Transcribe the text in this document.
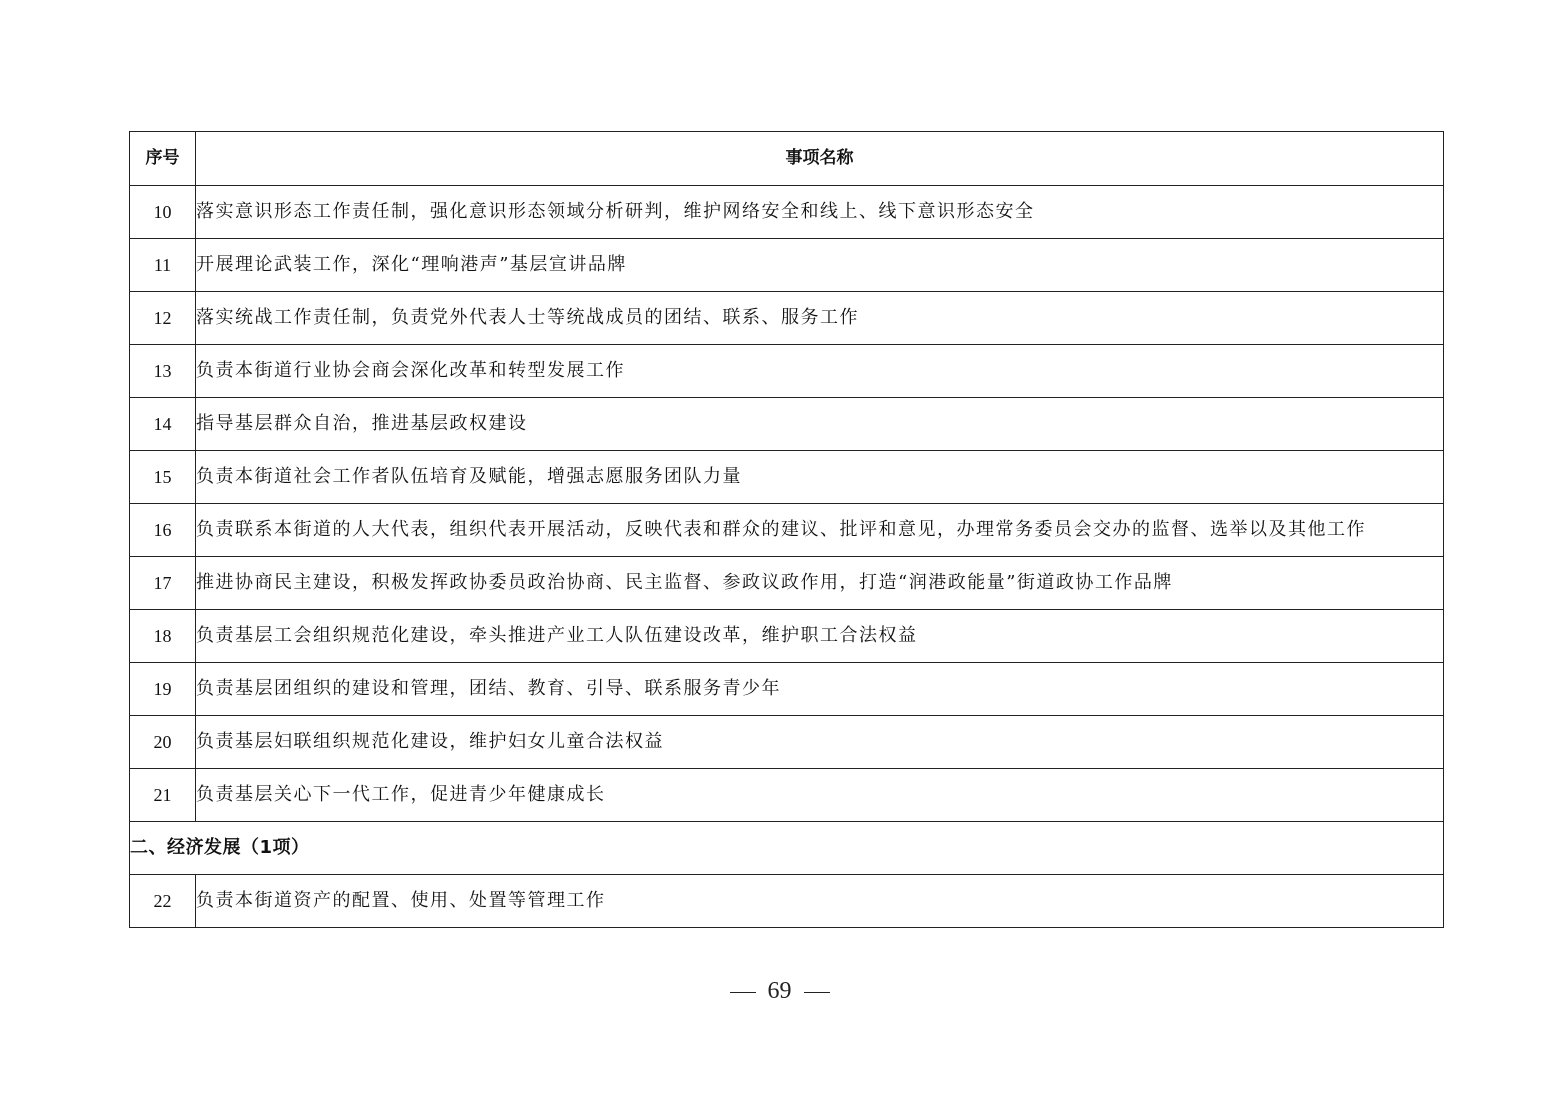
序号	事项名称
10	落实意识形态工作责任制，强化意识形态领域分析研判，维护网络安全和线上、线下意识形态安全
11	开展理论武装工作，深化“理响港声”基层宣讲品牌
12	落实统战工作责任制，负责党外代表人士等统战成员的团结、联系、服务工作
13	负责本街道行业协会商会深化改革和转型发展工作
14	指导基层群众自治，推进基层政权建设
15	负责本街道社会工作者队伍培育及赋能，增强志愿服务团队力量
16	负责联系本街道的人大代表，组织代表开展活动，反映代表和群众的建议、批评和意见，办理常务委员会交办的监督、选举以及其他工作
17	推进协商民主建设，积极发挥政协委员政治协商、民主监督、参政议政作用，打造“润港政能量”街道政协工作品牌
18	负责基层工会组织规范化建设，牵头推进产业工人队伍建设改革，维护职工合法权益
19	负责基层团组织的建设和管理，团结、教育、引导、联系服务青少年
20	负责基层妇联组织规范化建设，维护妇女儿童合法权益
21	负责基层关心下一代工作，促进青少年健康成长
二、经济发展（1项）	
22	负责本街道资产的配置、使用、处置等管理工作
69
